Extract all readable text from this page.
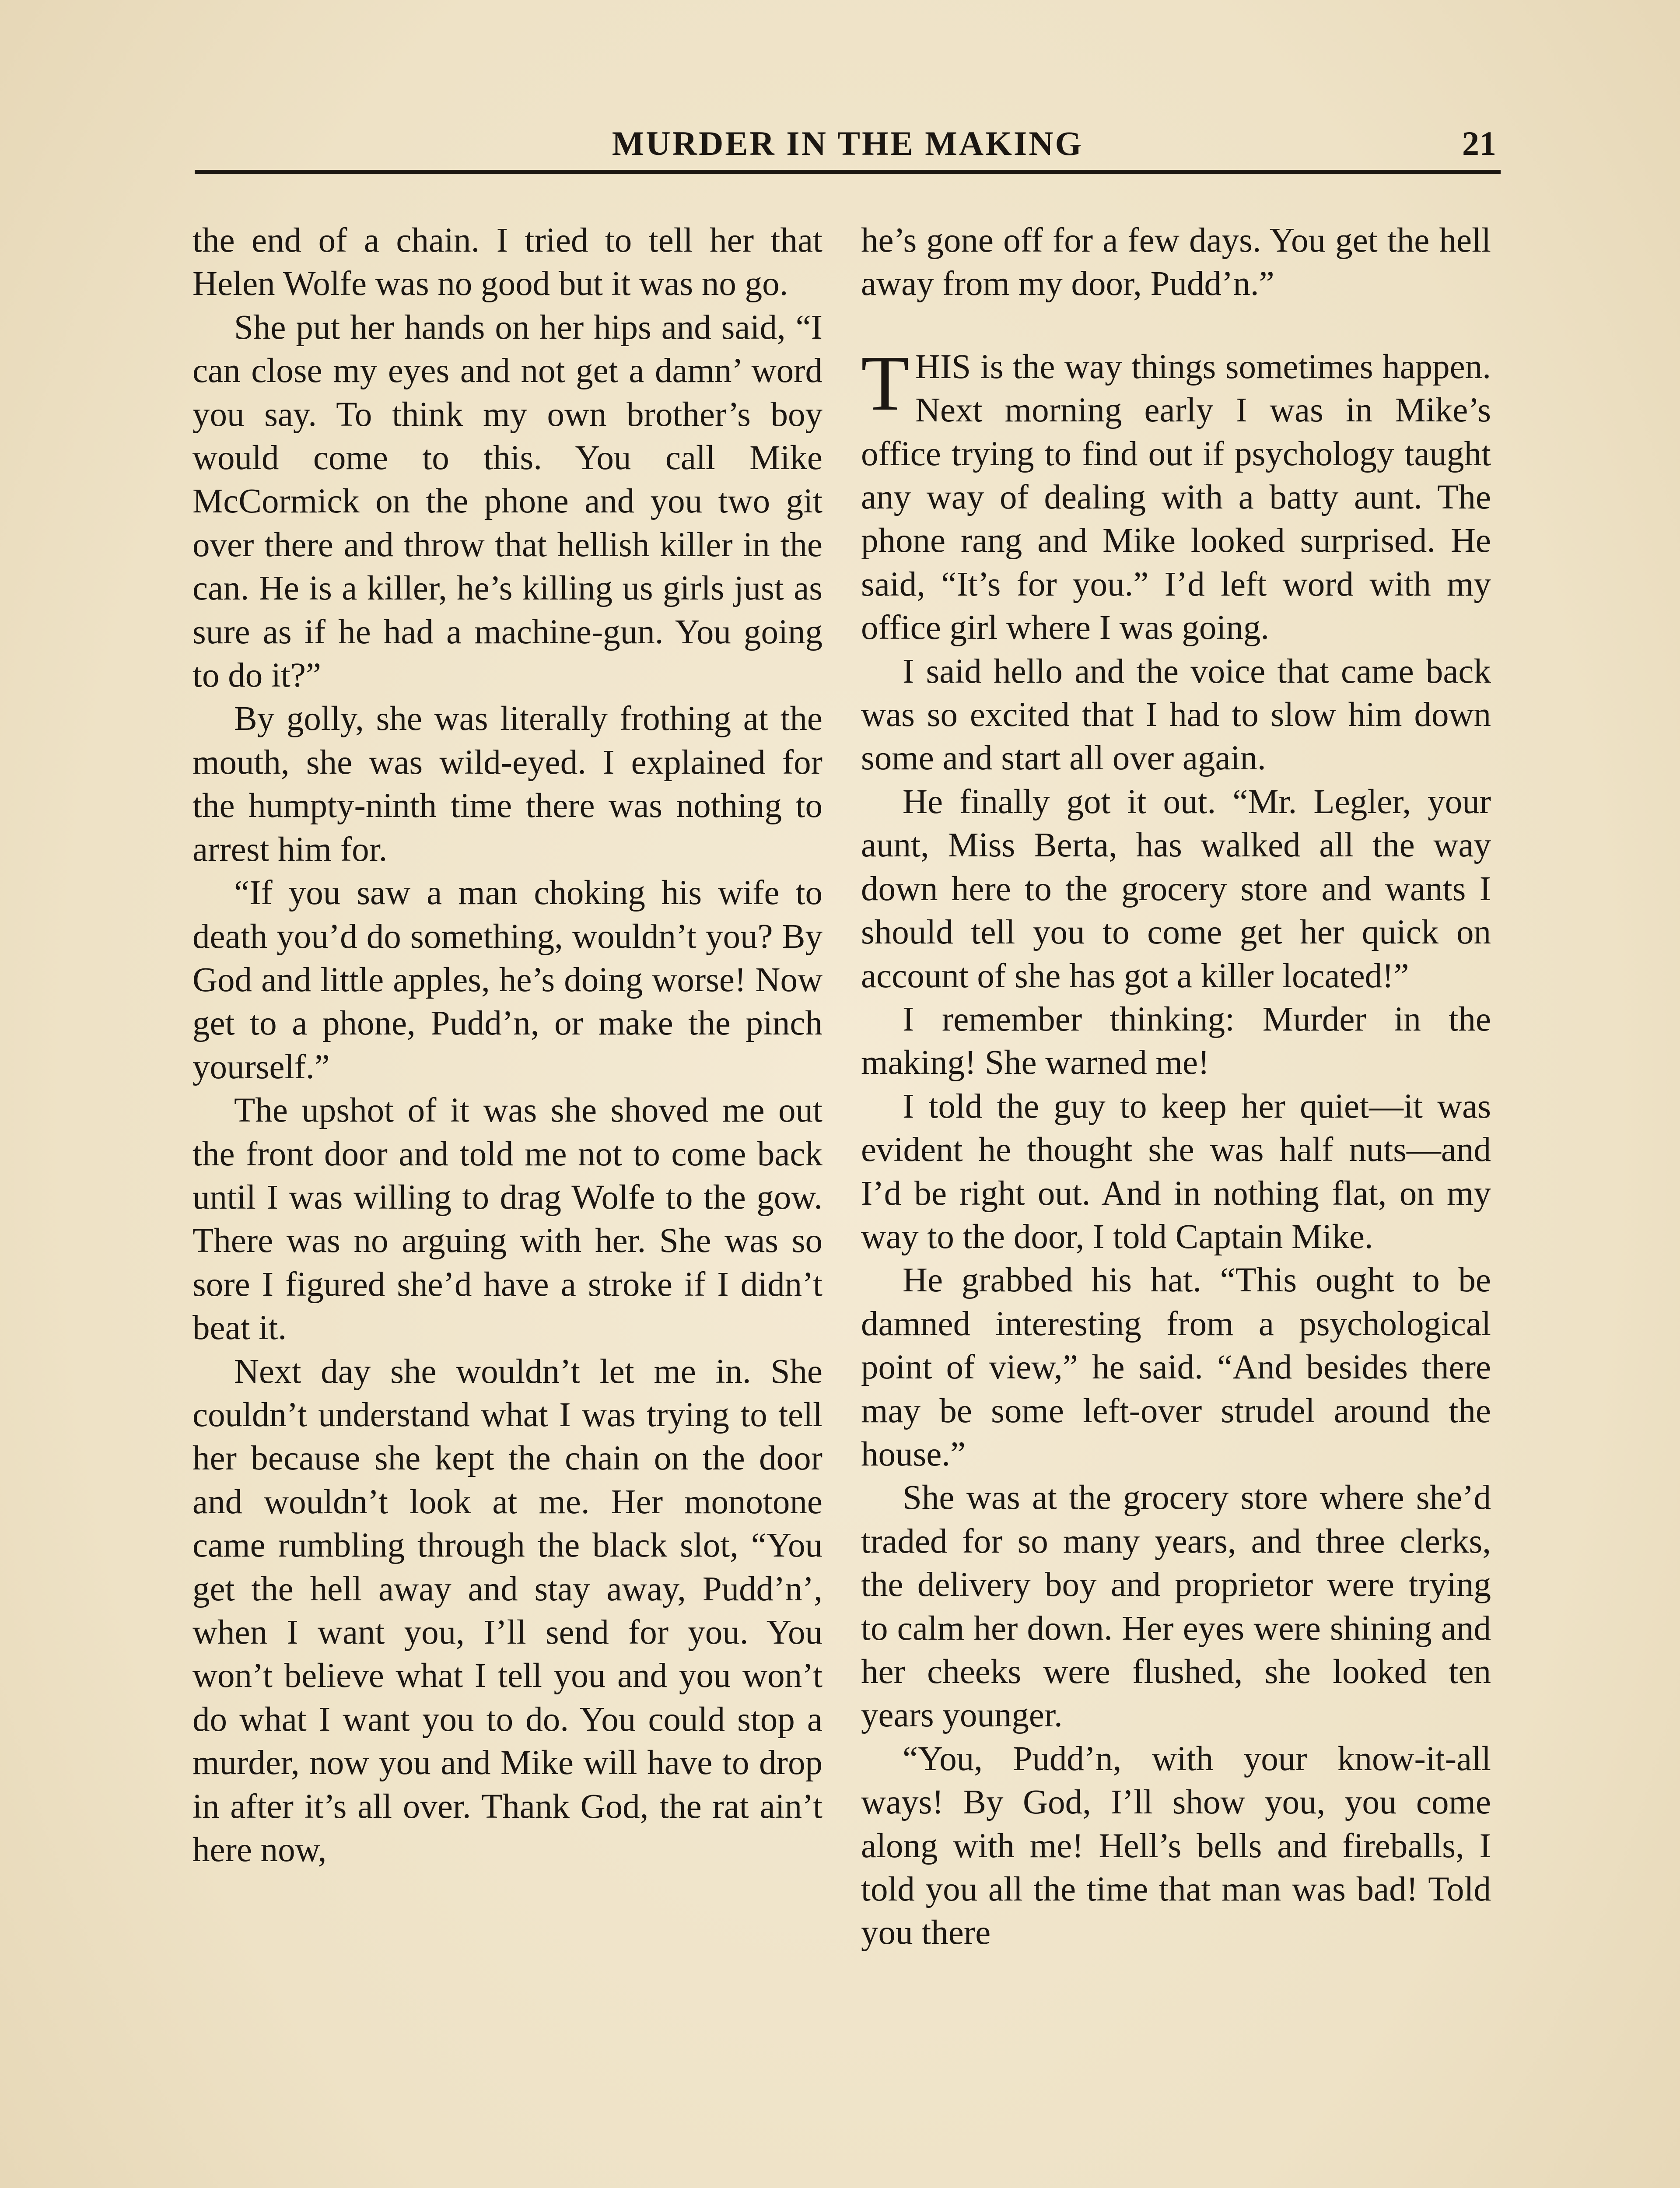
MURDER IN THE MAKING	21

the end of a chain. I tried to tell her that Helen Wolfe was no good but it was no go.

She put her hands on her hips and said, “I can close my eyes and not get a damn’ word you say. To think my own brother’s boy would come to this. You call Mike McCormick on the phone and you two git over there and throw that hellish killer in the can. He is a killer, he’s killing us girls just as sure as if he had a machine-gun. You going to do it?”

By golly, she was literally frothing at the mouth, she was wild-eyed. I explained for the humpty-ninth time there was nothing to arrest him for.

“If you saw a man choking his wife to death you’d do something, wouldn’t you? By God and little apples, he’s doing worse! Now get to a phone, Pudd’n, or make the pinch yourself.”

The upshot of it was she shoved me out the front door and told me not to come back until I was willing to drag Wolfe to the gow. There was no arguing with her. She was so sore I figured she’d have a stroke if I didn’t beat it.

Next day she wouldn’t let me in. She couldn’t understand what I was trying to tell her because she kept the chain on the door and wouldn’t look at me. Her monotone came rumbling through the black slot, “You get the hell away and stay away, Pudd’n’, when I want you, I’ll send for you. You won’t believe what I tell you and you won’t do what I want you to do. You could stop a murder, now you and Mike will have to drop in after it’s all over. Thank God, the rat ain’t here now,

he’s gone off for a few days. You get the hell away from my door, Pudd’n.”

THIS is the way things sometimes happen. Next morning early I was in Mike’s office trying to find out if psychology taught any way of dealing with a batty aunt. The phone rang and Mike looked surprised. He said, “It’s for you.” I’d left word with my office girl where I was going.

I said hello and the voice that came back was so excited that I had to slow him down some and start all over again.

He finally got it out. “Mr. Legler, your aunt, Miss Berta, has walked all the way down here to the grocery store and wants I should tell you to come get her quick on account of she has got a killer located!”

I remember thinking: Murder in the making! She warned me!

I told the guy to keep her quiet—it was evident he thought she was half nuts—and I’d be right out. And in nothing flat, on my way to the door, I told Captain Mike.

He grabbed his hat. “This ought to be damned interesting from a psychological point of view,” he said. “And besides there may be some left-over strudel around the house.”

She was at the grocery store where she’d traded for so many years, and three clerks, the delivery boy and proprietor were trying to calm her down. Her eyes were shining and her cheeks were flushed, she looked ten years younger.

“You, Pudd’n, with your know-it-all ways! By God, I’ll show you, you come along with me! Hell’s bells and fireballs, I told you all the time that man was bad! Told you there
